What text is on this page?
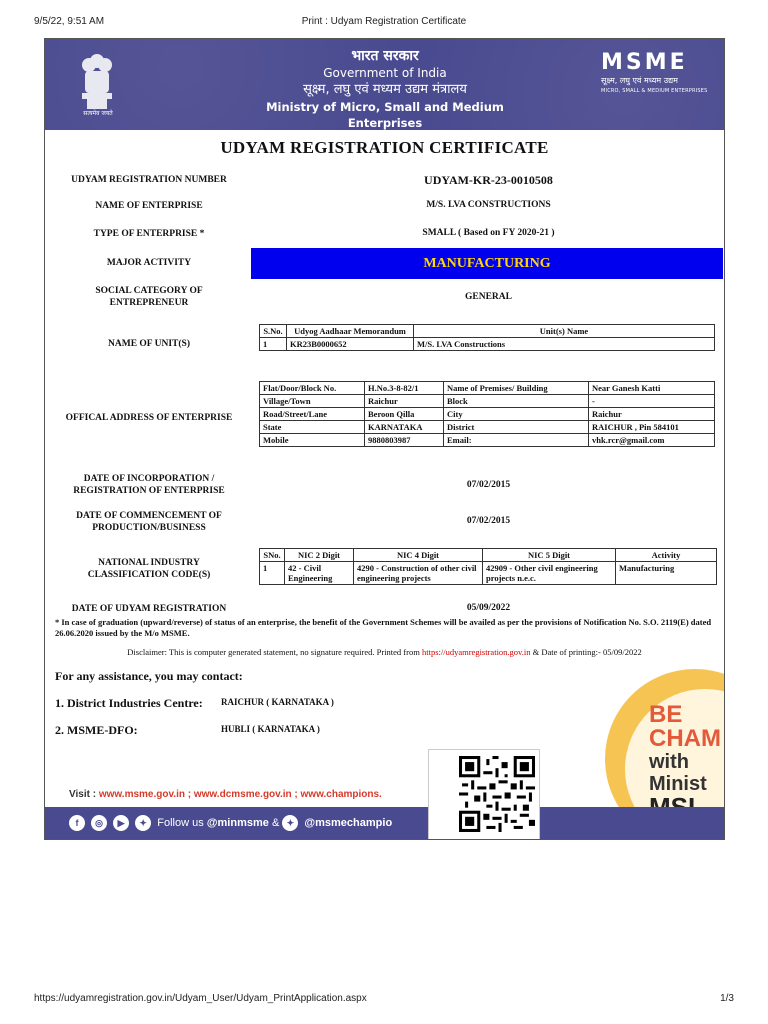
9/5/22, 9:51 AM	Print : Udyam Registration Certificate
सत्यमेव जयते
भारत सरकार
Government of India
सूक्ष्म, लघु एवं मध्यम उद्यम मंत्रालय
Ministry of Micro, Small and Medium Enterprises
MSME
सूक्ष्म, लघु एवं मध्यम उद्यम
MICRO, SMALL & MEDIUM ENTERPRISES
UDYAM REGISTRATION CERTIFICATE
UDYAM REGISTRATION NUMBER	UDYAM-KR-23-0010508
NAME OF ENTERPRISE	M/S. LVA CONSTRUCTIONS
TYPE OF ENTERPRISE *	SMALL ( Based on FY 2020-21 )
MAJOR ACTIVITY	MANUFACTURING
SOCIAL CATEGORY OF ENTREPRENEUR
GENERAL
NAME OF UNIT(S)
S.No.	Udyog Aadhaar Memorandum	Unit(s) Name
1	KR23B0000652	M/S. LVA Constructions
OFFICAL ADDRESS OF ENTERPRISE
Flat/Door/Block No.	H.No.3-8-82/1	Name of Premises/ Building	Near Ganesh Katti
Village/Town	Raichur	Block	-
Road/Street/Lane	Beroon Qilla	City	Raichur
State	KARNATAKA	District	RAICHUR , Pin 584101
Mobile	9880803987	Email:	vhk.rcr@gmail.com
DATE OF INCORPORATION / REGISTRATION OF ENTERPRISE
07/02/2015
DATE OF COMMENCEMENT OF PRODUCTION/BUSINESS
07/02/2015
NATIONAL INDUSTRY CLASSIFICATION CODE(S)
SNo.	NIC 2 Digit	NIC 4 Digit	NIC 5 Digit	Activity
1	42 - Civil Engineering	4290 - Construction of other civil engineering projects	42909 - Other civil engineering projects n.e.c.	Manufacturing
DATE OF UDYAM REGISTRATION	05/09/2022
* In case of graduation (upward/reverse) of status of an enterprise, the benefit of the Government Schemes will be availed as per the provisions of Notification No. S.O. 2119(E) dated 26.06.2020 issued by the M/o MSME.
Disclaimer: This is computer generated statement, no signature required. Printed from https://udyamregistration.gov.in & Date of printing:- 05/09/2022
For any assistance, you may contact:
1. District Industries Centre: RAICHUR ( KARNATAKA )
2. MSME-DFO:	HUBLI ( KARNATAKA )
BE
CHAM
with
Minist
Visit : www.msme.gov.in ; www.dcmsme.gov.in ; www.champions.
f ◎ ▶ ✦ Follow us @minmsme & ✦ @msmechampio
https://udyamregistration.gov.in/Udyam_User/Udyam_PrintApplication.aspx	1/3
